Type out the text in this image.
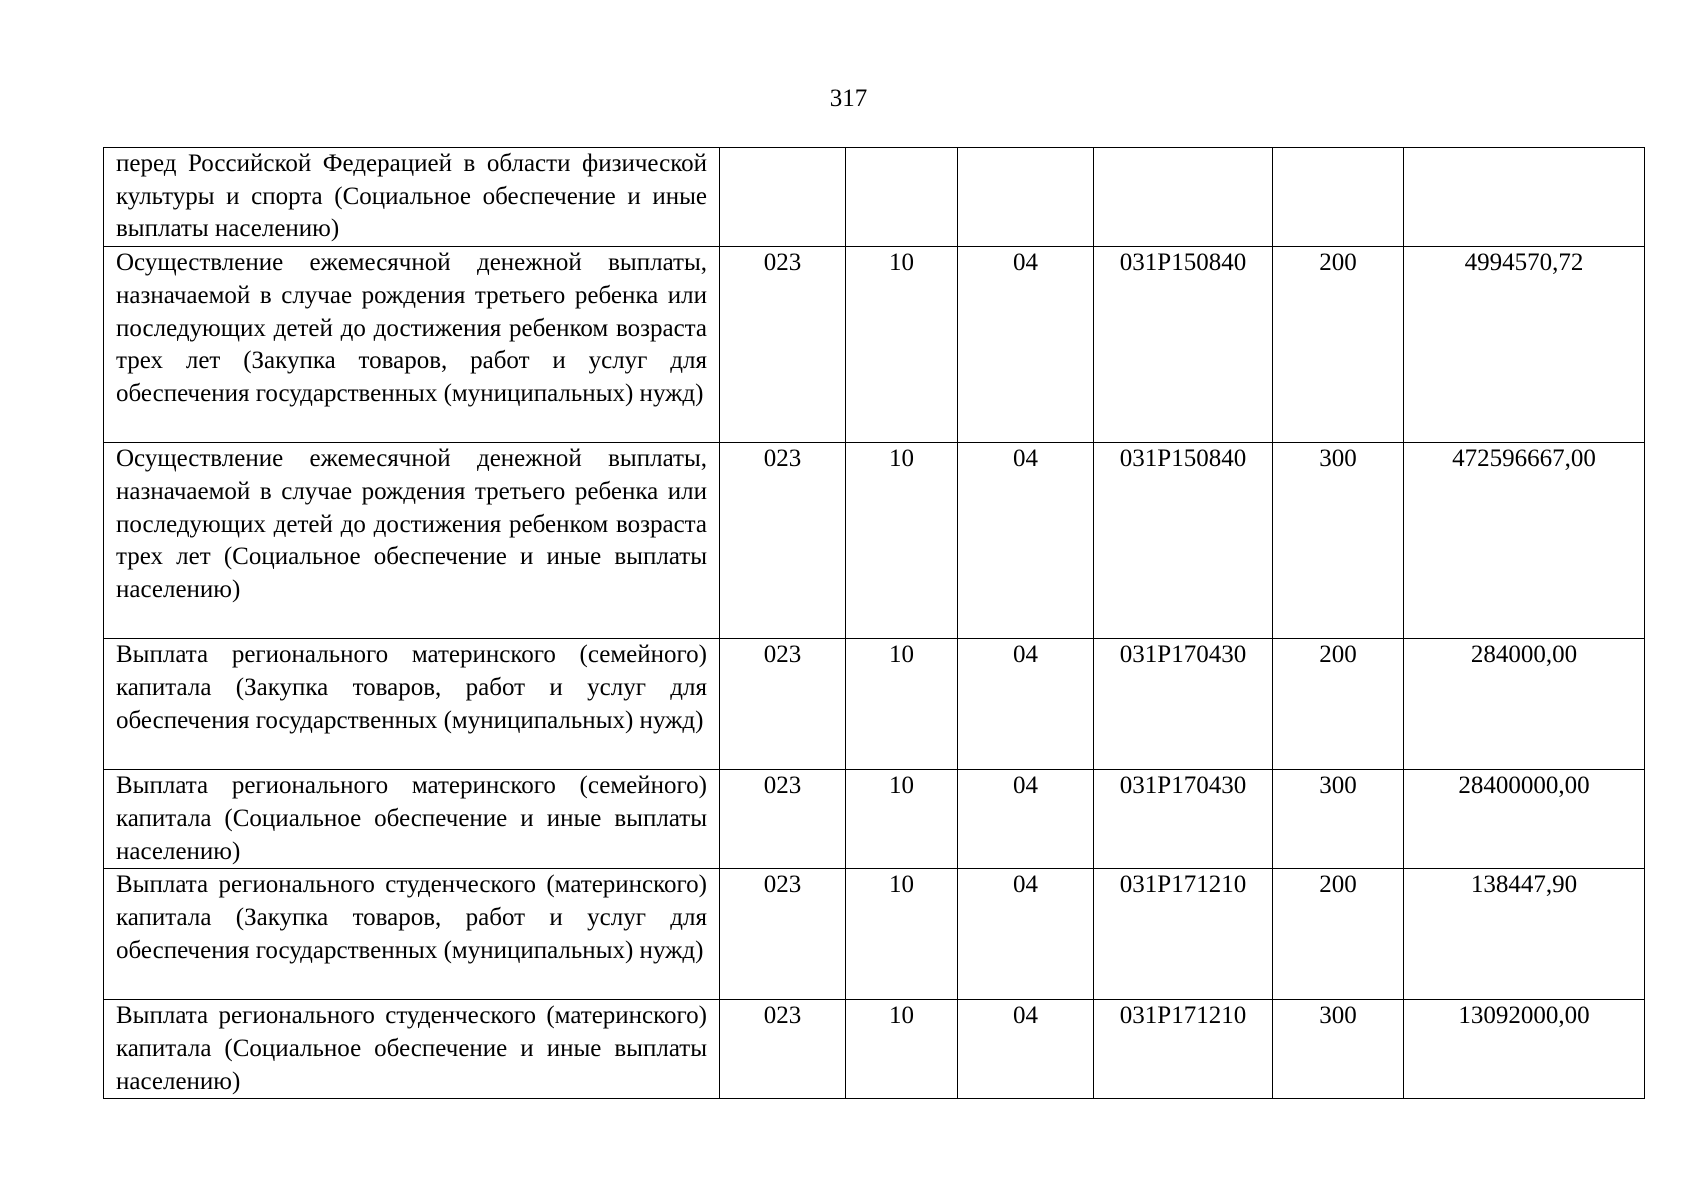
317
перед Российской Федерацией в области физической культуры и спорта (Социальное обеспечение и иные выплаты населению)						
Осуществление ежемесячной денежной выплаты, назначаемой в случае рождения третьего ребенка или последующих детей до достижения ребенком возраста трех лет (Закупка товаров, работ и услуг для обеспечения государственных (муниципальных) нужд)	023	10	04	031P150840	200	4994570,72
Осуществление ежемесячной денежной выплаты, назначаемой в случае рождения третьего ребенка или последующих детей до достижения ребенком возраста трех лет (Социальное обеспечение и иные выплаты населению)	023	10	04	031P150840	300	472596667,00
Выплата регионального материнского (семейного) капитала (Закупка товаров, работ и услуг для обеспечения государственных (муниципальных) нужд)	023	10	04	031P170430	200	284000,00
Выплата регионального материнского (семейного) капитала (Социальное обеспечение и иные выплаты населению)	023	10	04	031P170430	300	28400000,00
Выплата регионального студенческого (материнского) капитала (Закупка товаров, работ и услуг для обеспечения государственных (муниципальных) нужд)	023	10	04	031P171210	200	138447,90
Выплата регионального студенческого (материнского) капитала (Социальное обеспечение и иные выплаты населению)	023	10	04	031P171210	300	13092000,00
